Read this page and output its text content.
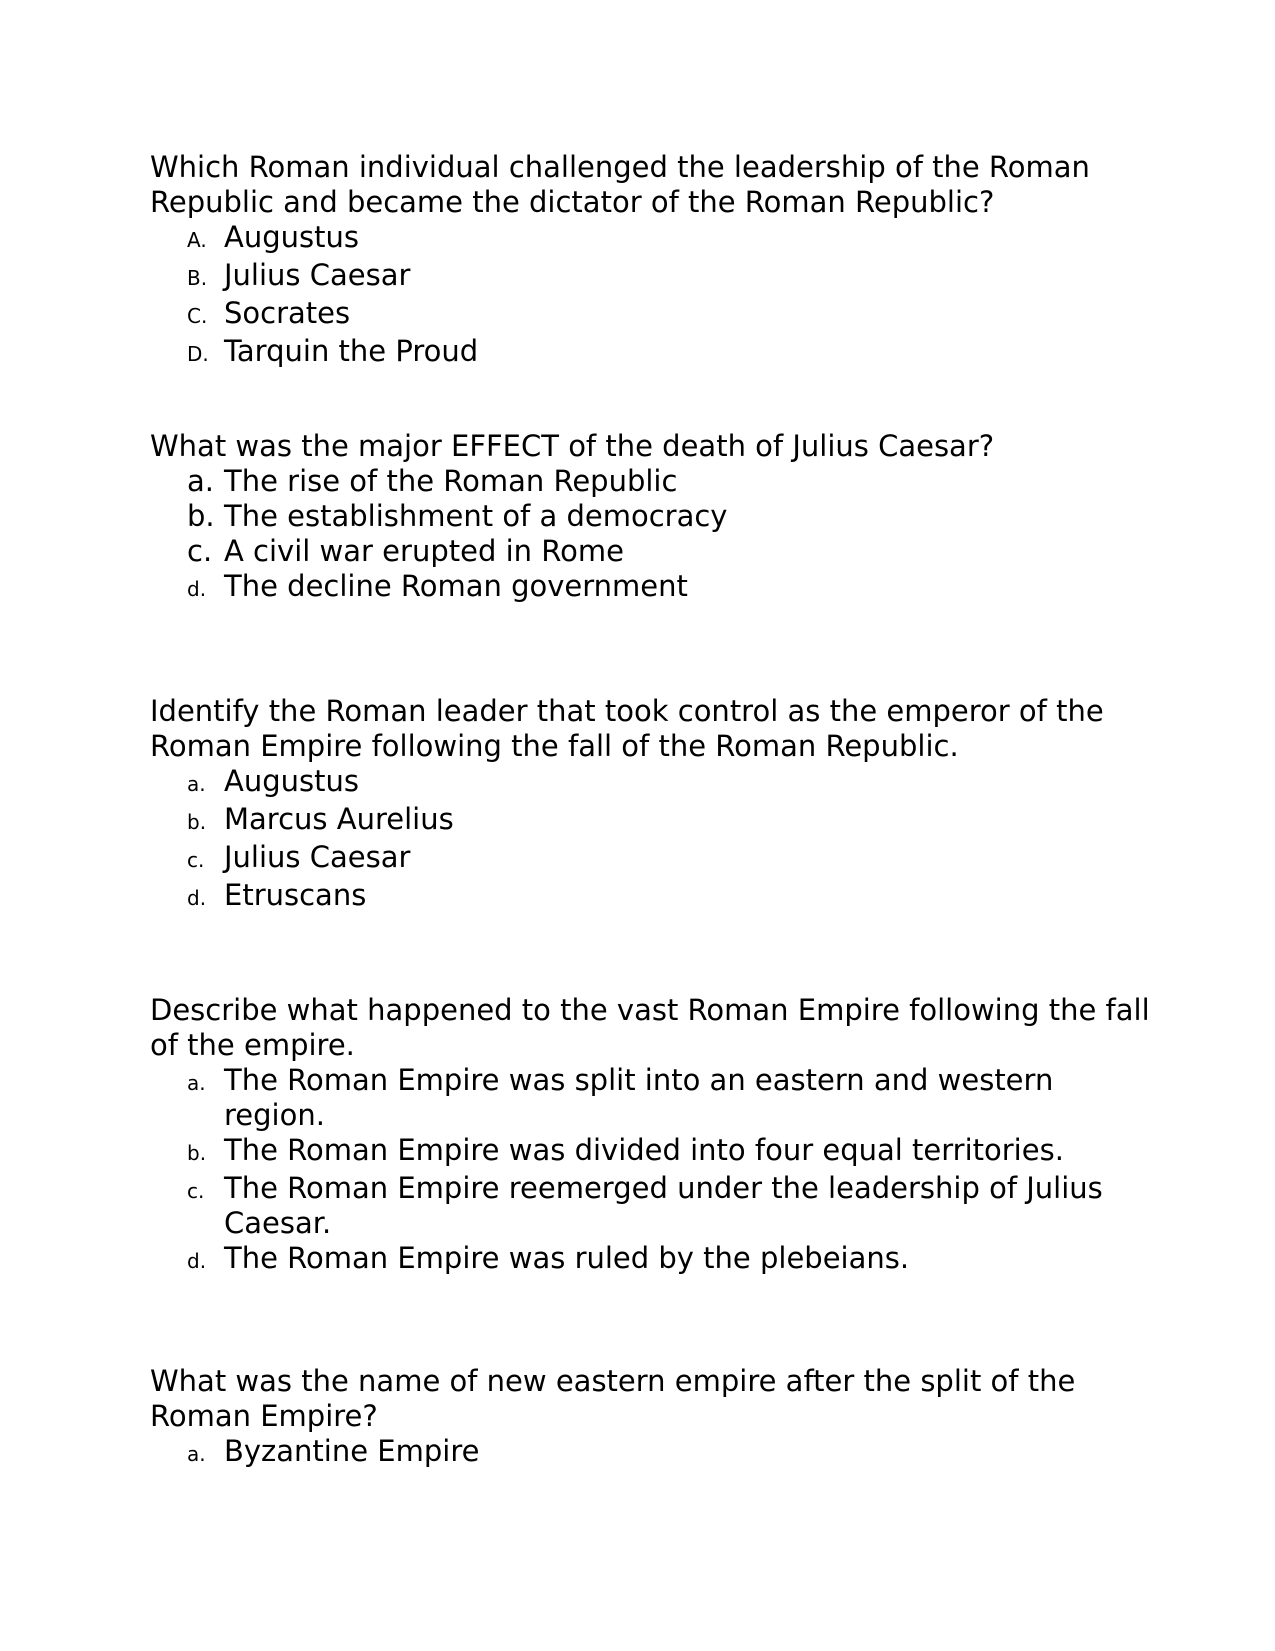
Which Roman individual challenged the leadership of the Roman Republic and became the dictator of the Roman Republic?

A. Augustus
B. Julius Caesar
C. Socrates
D. Tarquin the Proud

What was the major EFFECT of the death of Julius Caesar?

a. The rise of the Roman Republic
b. The establishment of a democracy
c. A civil war erupted in Rome
d. The decline Roman government

Identify the Roman leader that took control as the emperor of the Roman Empire following the fall of the Roman Republic.

a. Augustus
b. Marcus Aurelius
c. Julius Caesar
d. Etruscans

Describe what happened to the vast Roman Empire following the fall of the empire.

a. The Roman Empire was split into an eastern and western region.
b. The Roman Empire was divided into four equal territories.
c. The Roman Empire reemerged under the leadership of Julius Caesar.
d. The Roman Empire was ruled by the plebeians.

What was the name of new eastern empire after the split of the Roman Empire?

a. Byzantine Empire
